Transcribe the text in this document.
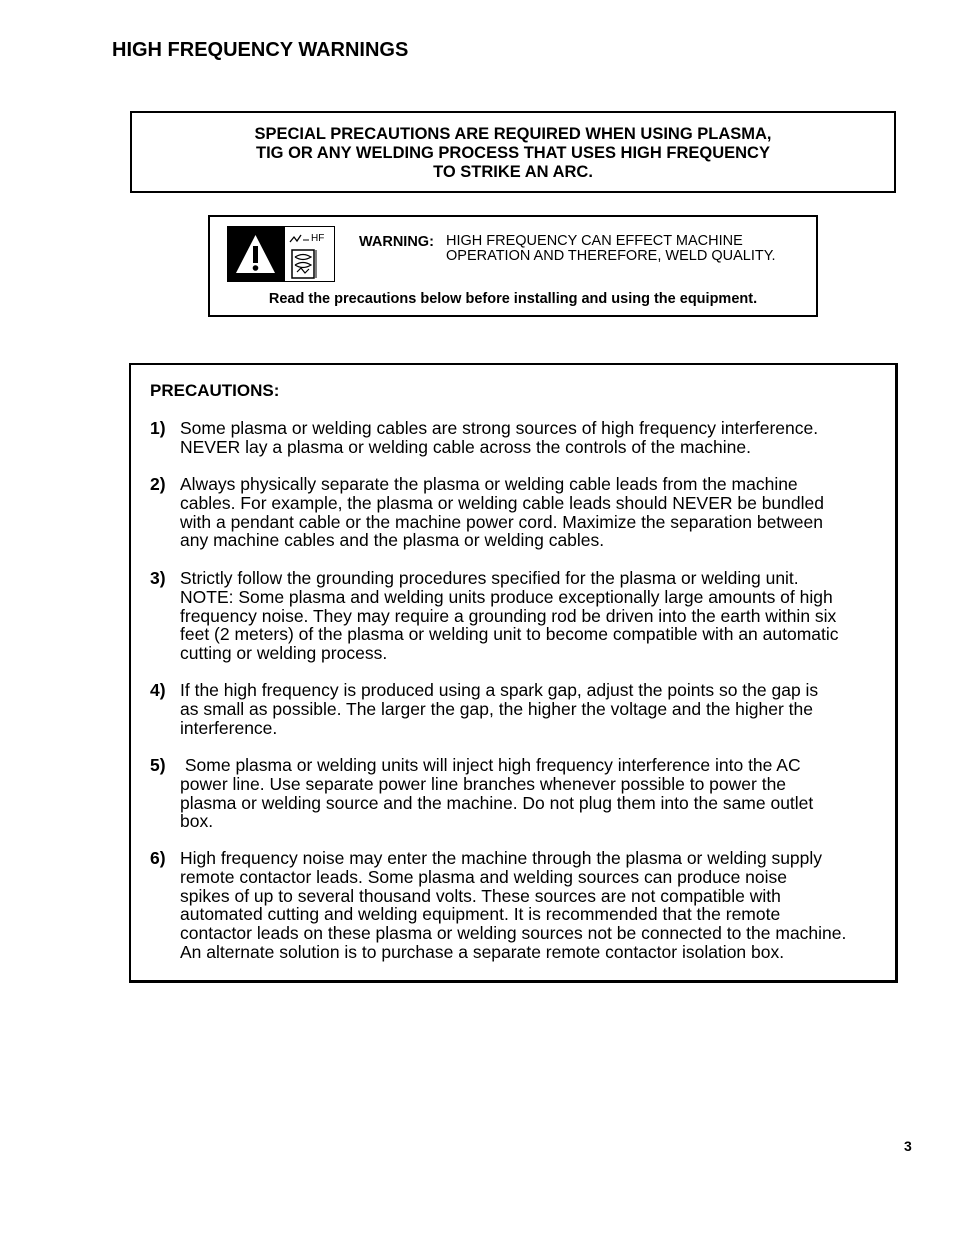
HIGH FREQUENCY WARNINGS
SPECIAL PRECAUTIONS ARE REQUIRED WHEN USING PLASMA,
TIG OR ANY WELDING PROCESS THAT USES HIGH FREQUENCY
TO STRIKE AN ARC.
HF WARNING: HIGH FREQUENCY CAN EFFECT MACHINE
OPERATION AND THEREFORE, WELD QUALITY.
Read the precautions below before installing and using the equipment.
PRECAUTIONS:
1) Some plasma or welding cables are strong sources of high frequency interference.
NEVER lay a plasma or welding cable across the controls of the machine.
2) Always physically separate the plasma or welding cable leads from the machine
cables. For example, the plasma or welding cable leads should NEVER be bundled
with a pendant cable or the machine power cord. Maximize the separation between
any machine cables and the plasma or welding cables.
3) Strictly follow the grounding procedures specified for the plasma or welding unit.
NOTE: Some plasma and welding units produce exceptionally large amounts of high
frequency noise. They may require a grounding rod be driven into the earth within six
feet (2 meters) of the plasma or welding unit to become compatible with an automatic
cutting or welding process.
4) If the high frequency is produced using a spark gap, adjust the points so the gap is
as small as possible. The larger the gap, the higher the voltage and the higher the
interference.
5) Some plasma or welding units will inject high frequency interference into the AC
power line. Use separate power line branches whenever possible to power the
plasma or welding source and the machine. Do not plug them into the same outlet
box.
6) High frequency noise may enter the machine through the plasma or welding supply
remote contactor leads. Some plasma and welding sources can produce noise
spikes of up to several thousand volts. These sources are not compatible with
automated cutting and welding equipment. It is recommended that the remote
contactor leads on these plasma or welding sources not be connected to the machine.
An alternate solution is to purchase a separate remote contactor isolation box.
3
